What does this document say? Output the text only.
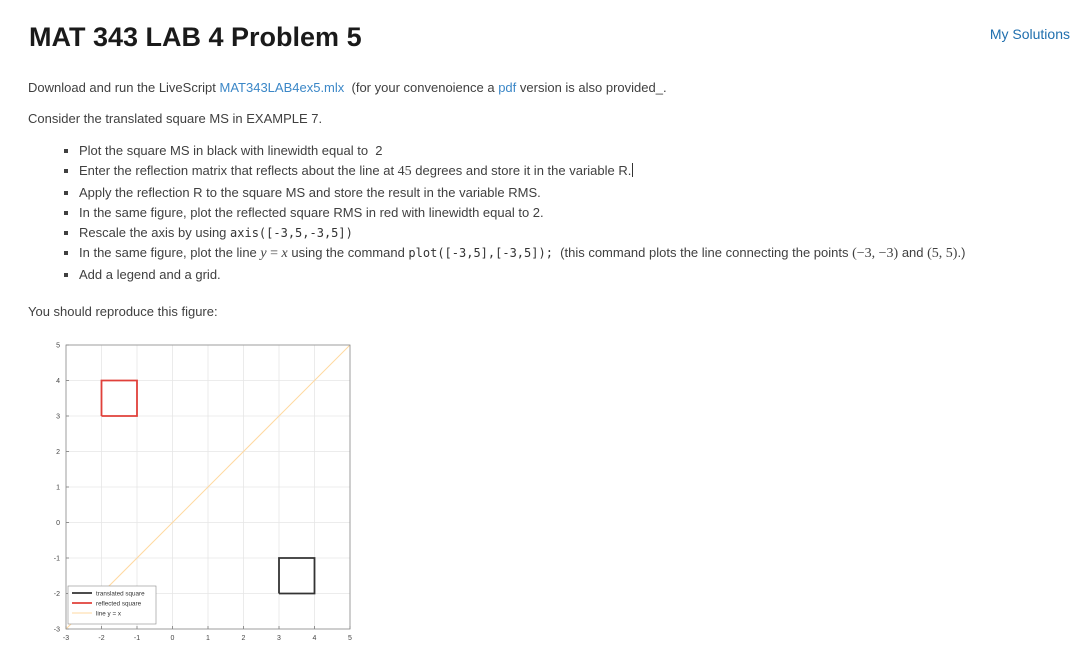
MAT 343 LAB 4 Problem 5	My Solutions

Download and run the LiveScript MAT343LAB4ex5.mlx  (for your convenoience a pdf version is also provided_.

Consider the translated square MS in EXAMPLE 7.

▪ Plot the square MS in black with linewidth equal to  2
▪ Enter the reflection matrix that reflects about the line at 45 degrees and store it in the variable R.
▪ Apply the reflection R to the square MS and store the result in the variable RMS.
▪ In the same figure, plot the reflected square RMS in red with linewidth equal to 2.
▪ Rescale the axis by using axis([-3,5,-3,5])
▪ In the same figure, plot the line y = x using the command plot([-3,5],[-3,5]);  (this command plots the line connecting the points (−3, −3) and (5, 5).)
▪ Add a legend and a grid.

You should reproduce this figure:

-3	-2	-1	0	1	2	3	4	5
-3
-2
-1
0
1
2
3
4
5
translated square
reflected square
line y = x
